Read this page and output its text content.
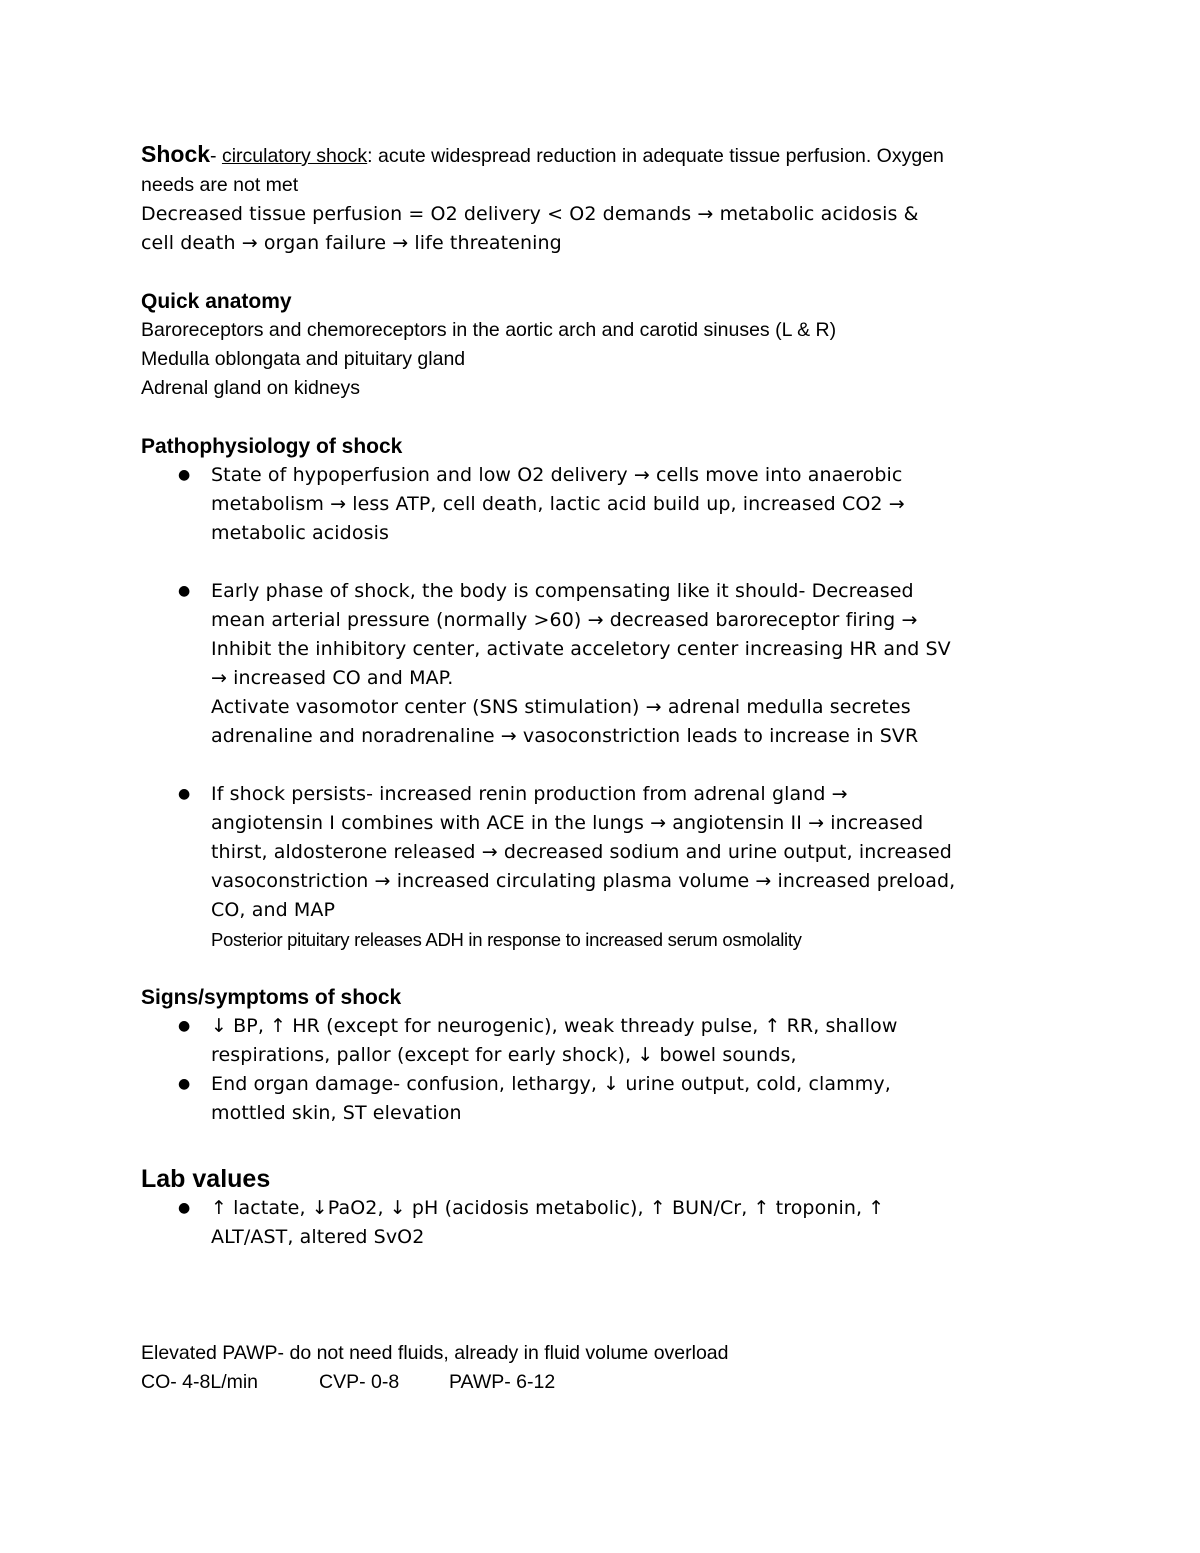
Shock- circulatory shock: acute widespread reduction in adequate tissue perfusion. Oxygen

needs are not met

Decreased tissue perfusion = O2 delivery < O2 demands → metabolic acidosis &

cell death → organ failure → life threatening

Quick anatomy

Baroreceptors and chemoreceptors in the aortic arch and carotid sinuses (L & R)

Medulla oblongata and pituitary gland

Adrenal gland on kidneys

Pathophysiology of shock

● State of hypoperfusion and low O2 delivery → cells move into anaerobic

metabolism → less ATP, cell death, lactic acid build up, increased CO2 →

metabolic acidosis

● Early phase of shock, the body is compensating like it should- Decreased

mean arterial pressure (normally >60) → decreased baroreceptor firing →

Inhibit the inhibitory center, activate acceletory center increasing HR and SV

→ increased CO and MAP.

Activate vasomotor center (SNS stimulation) → adrenal medulla secretes

adrenaline and noradrenaline → vasoconstriction leads to increase in SVR

● If shock persists- increased renin production from adrenal gland →

angiotensin I combines with ACE in the lungs → angiotensin II → increased

thirst, aldosterone released → decreased sodium and urine output, increased

vasoconstriction → increased circulating plasma volume → increased preload,

CO, and MAP

Posterior pituitary releases ADH in response to increased serum osmolality

Signs/symptoms of shock

● ↓ BP, ↑ HR (except for neurogenic), weak thready pulse, ↑ RR, shallow

respirations, pallor (except for early shock), ↓ bowel sounds,

● End organ damage- confusion, lethargy, ↓ urine output, cold, clammy,

mottled skin, ST elevation

Lab values

● ↑ lactate, ↓PaO2, ↓ pH (acidosis metabolic), ↑ BUN/Cr, ↑ troponin, ↑

ALT/AST, altered SvO2

Elevated PAWP- do not need fluids, already in fluid volume overload

CO- 4-8L/min	CVP- 0-8	PAWP- 6-12
